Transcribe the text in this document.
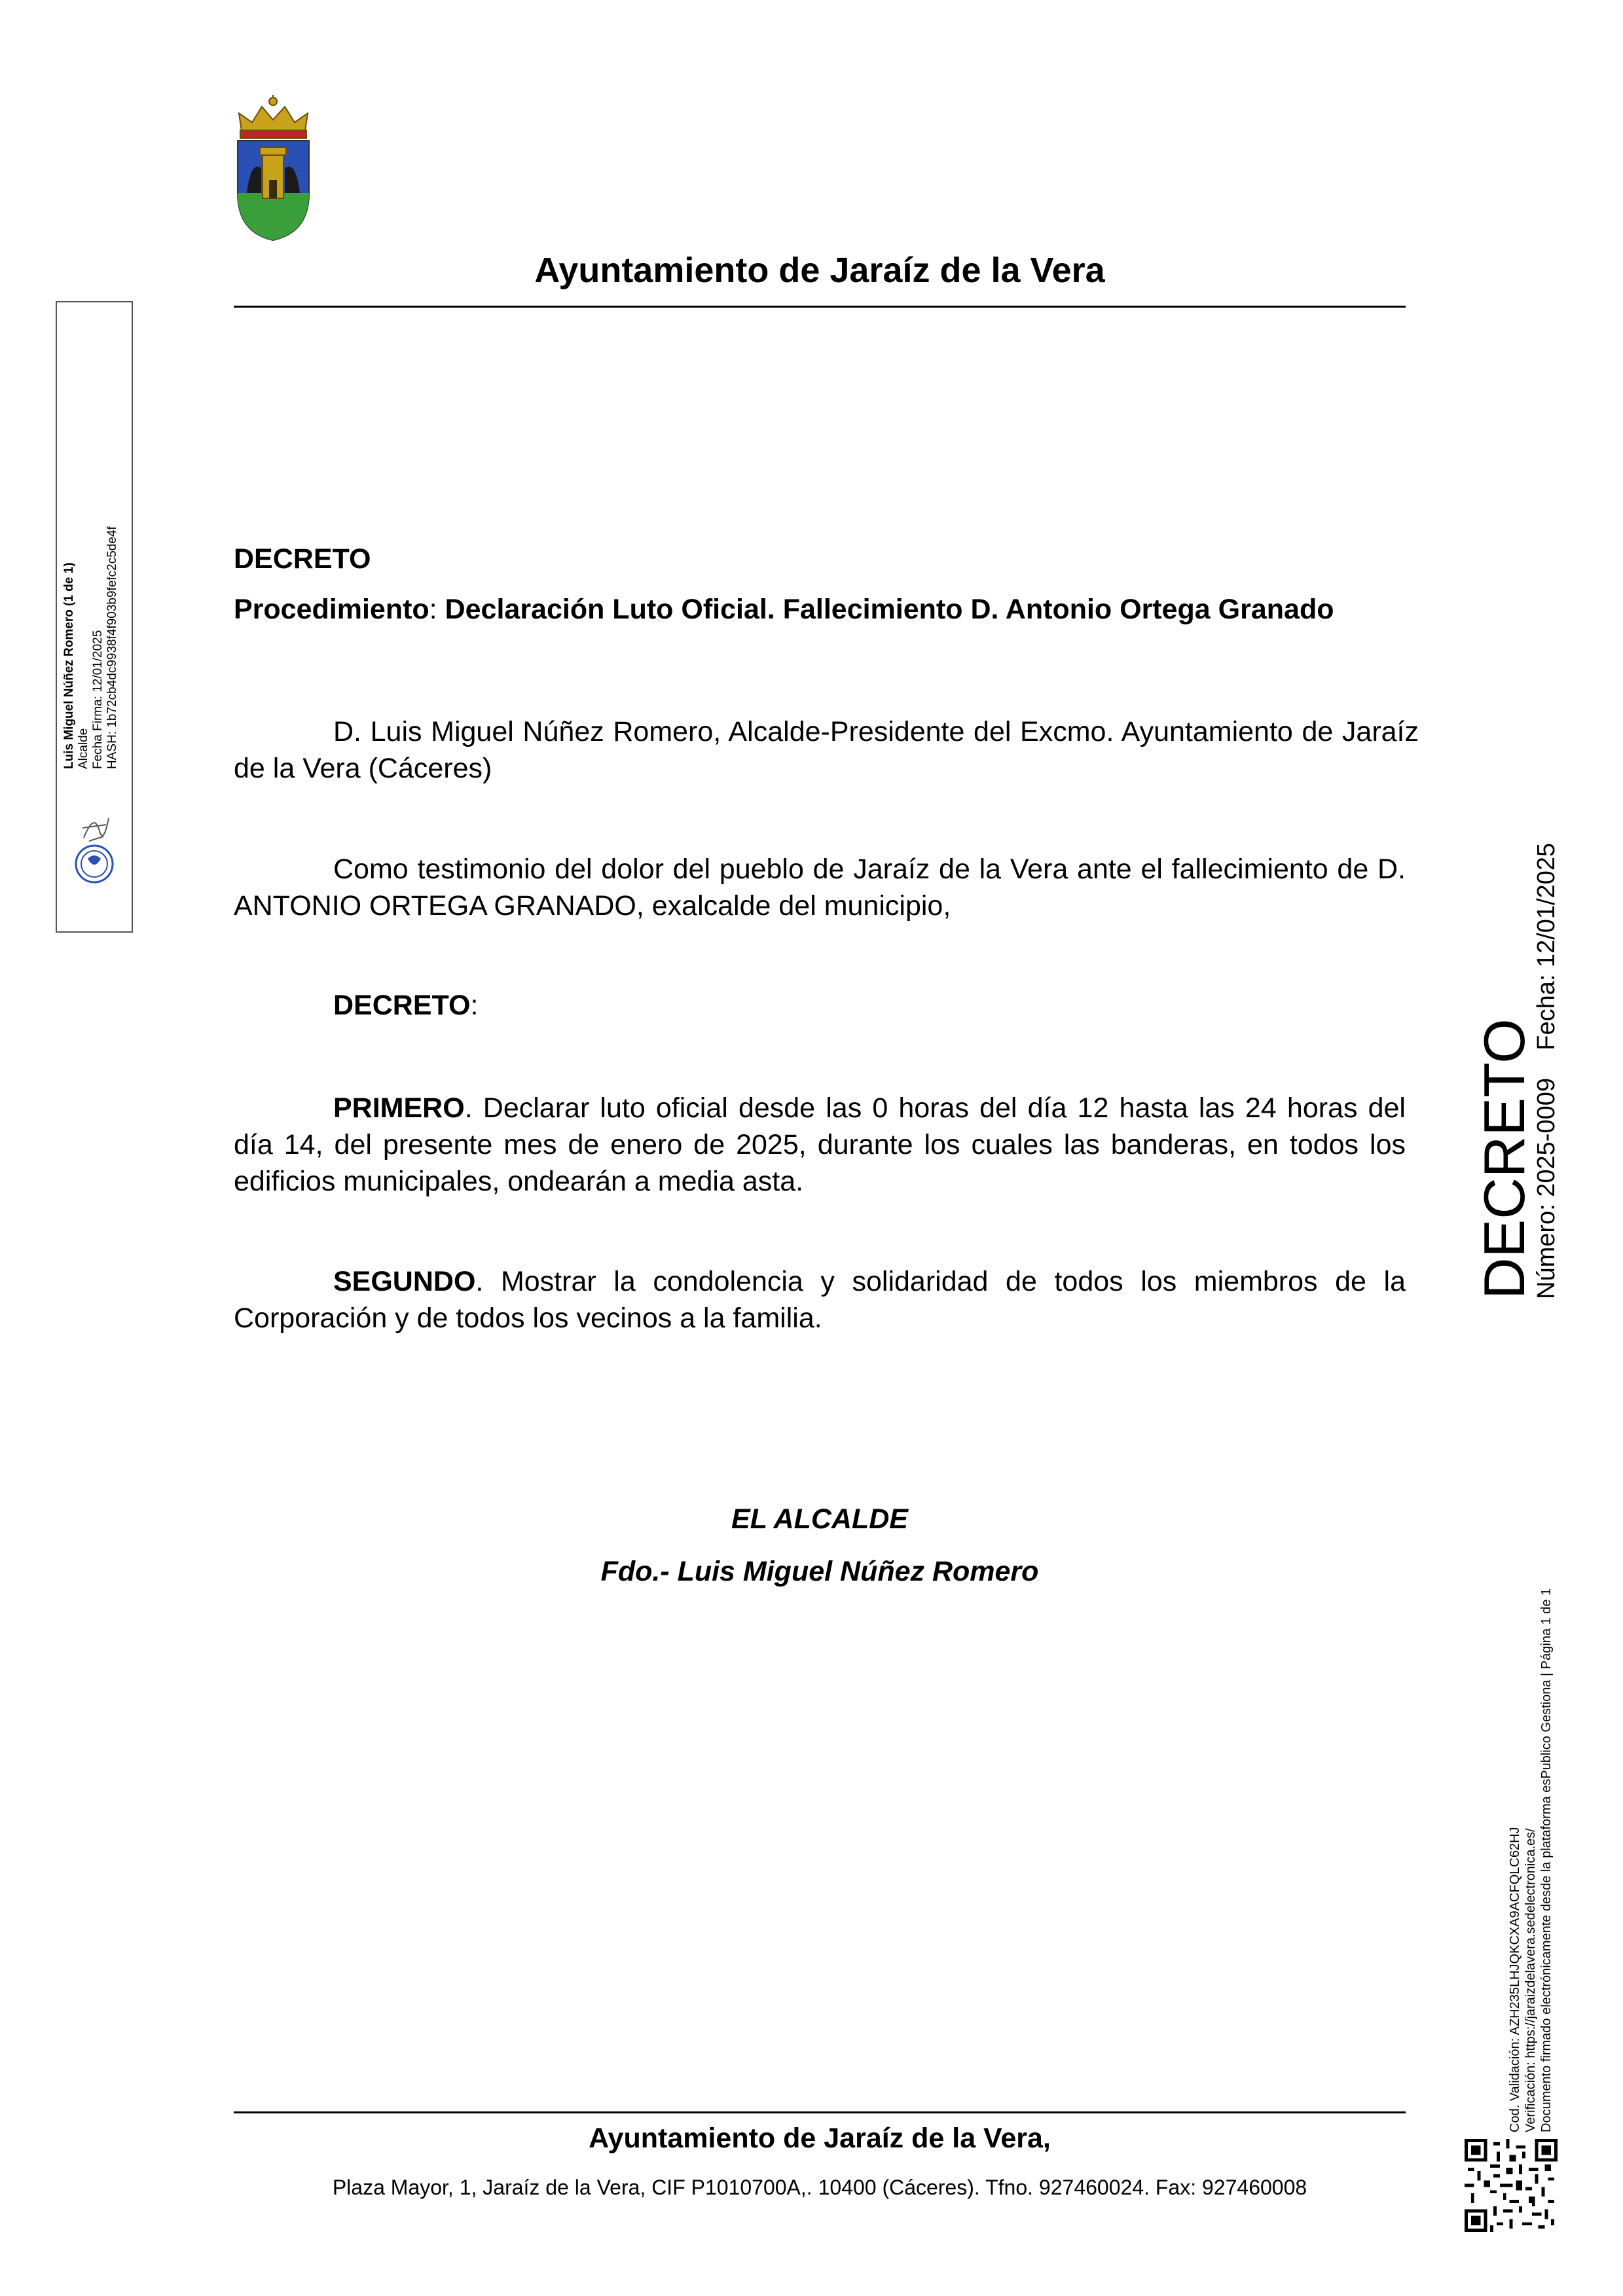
Ayuntamiento de Jaraíz de la Vera
DECRETO
Procedimiento: Declaración Luto Oficial. Fallecimiento D. Antonio Ortega Granado
D. Luis Miguel Núñez Romero, Alcalde-Presidente del Excmo. Ayuntamiento de Jaraíz de la Vera (Cáceres)
Como testimonio del dolor del pueblo de Jaraíz de la Vera ante el fallecimiento de D. ANTONIO ORTEGA GRANADO, exalcalde del municipio,
DECRETO:
PRIMERO. Declarar luto oficial desde las 0 horas del día 12 hasta las 24 horas del día 14, del presente mes de enero de 2025, durante los cuales las banderas, en todos los edificios municipales, ondearán a media asta.
SEGUNDO. Mostrar la condolencia y solidaridad de todos los miembros de la Corporación y de todos los vecinos a la familia.
EL ALCALDE
Fdo.- Luis Miguel Núñez Romero
Ayuntamiento de Jaraíz de la Vera,
Plaza Mayor, 1, Jaraíz de la Vera, CIF P1010700A,. 10400 (Cáceres). Tfno. 927460024. Fax: 927460008
Luis Miguel Núñez Romero (1 de 1) Alcalde Fecha Firma: 12/01/2025 HASH: 1b72cb4dc9938f4f903b9fefc2c5de4f
DECRETO
Número: 2025-0009    Fecha: 12/01/2025
Cod. Validación: AZH235LHJQKCXA9ACFQLC62HJ Verificación: https://jaraizdelavera.sedelectronica.es/ Documento firmado electrónicamente desde la plataforma esPublico Gestiona | Página 1 de 1
